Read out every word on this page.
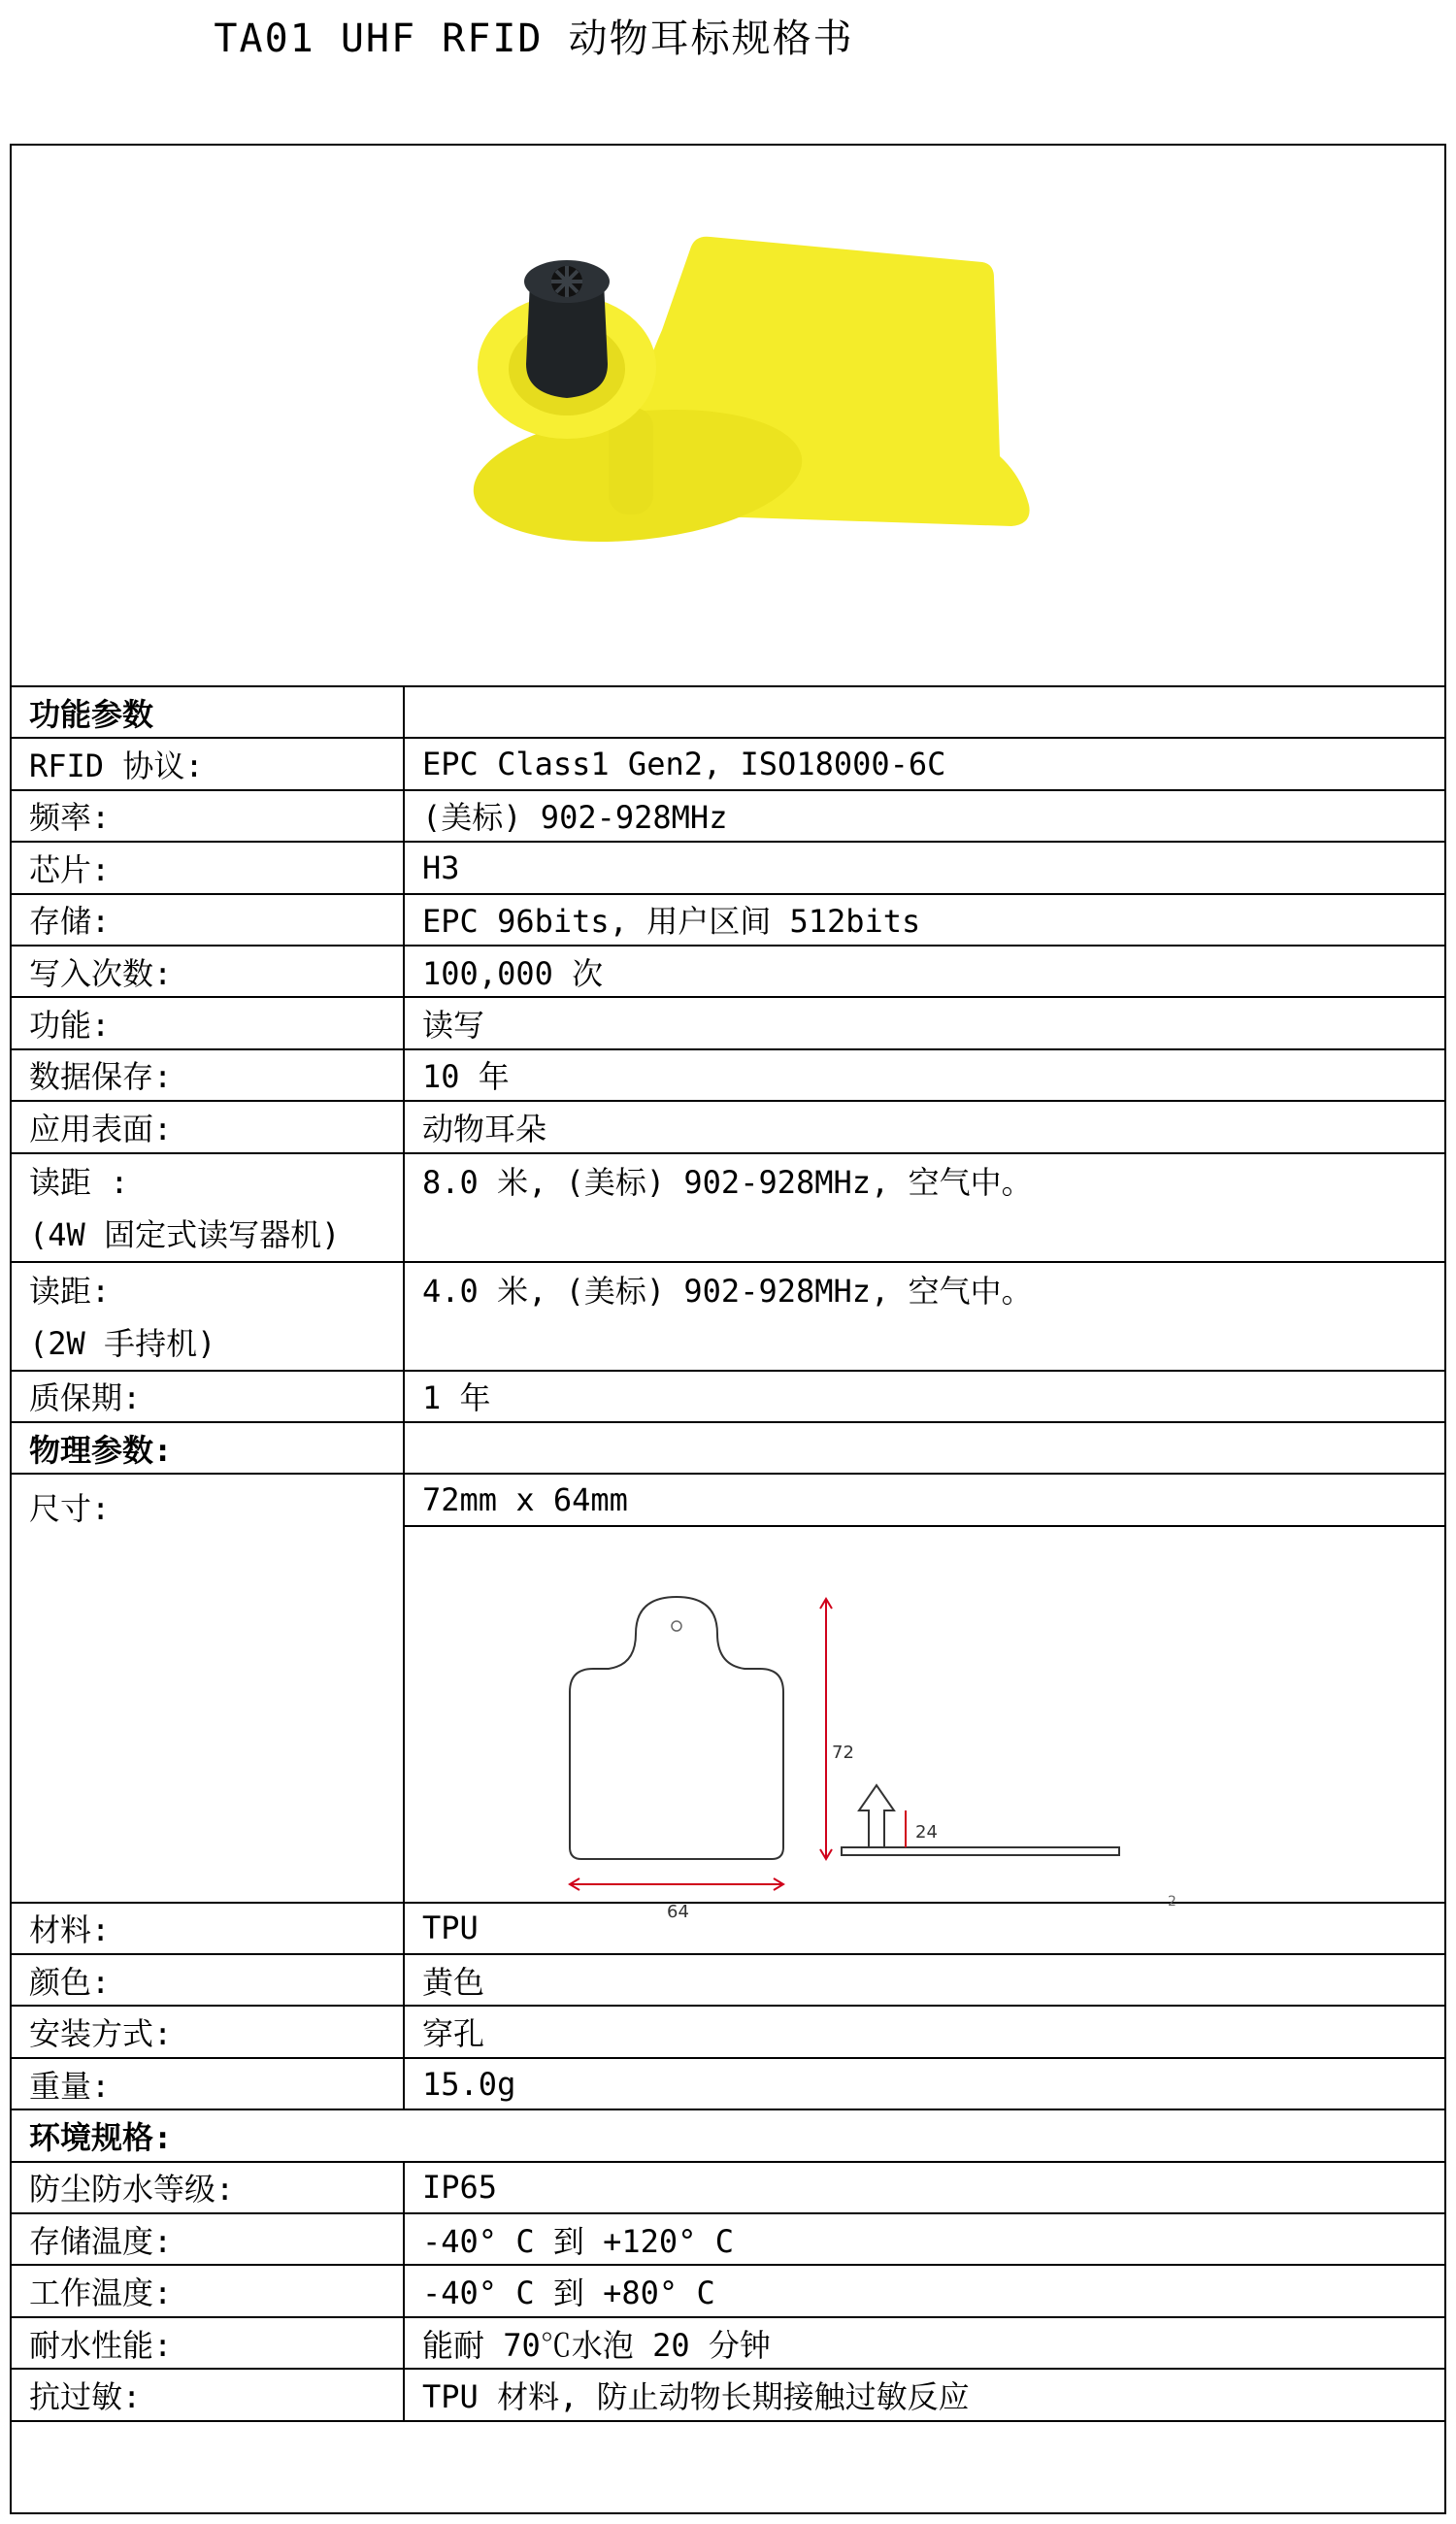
TA01 UHF RFID 动物耳标规格书
功能参数	
RFID 协议:	EPC Class1 Gen2, ISO18000-6C
频率:	(美标) 902-928MHz
芯片:	H3
存储:	EPC 96bits, 用户区间 512bits
写入次数:	100,000 次
功能:	读写
数据保存:	10 年
应用表面:	动物耳朵

读距 :
(4W 固定式读写器机)	8.0 米, (美标) 902-928MHz, 空气中。

读距:
(2W 手持机)	4.0 米, (美标) 902-928MHz, 空气中。
质保期:	1 年
物理参数:	
尺寸:	72mm x 64mm

72
64
24
2

材料:	TPU
颜色:	黄色
安装方式:	穿孔
重量:	15.0g
环境规格:	
防尘防水等级:	IP65
存储温度:	-40° C 到 +120° C
工作温度:	-40° C 到 +80° C
耐水性能:	能耐 70℃水泡 20 分钟
抗过敏:	TPU 材料, 防止动物长期接触过敏反应
